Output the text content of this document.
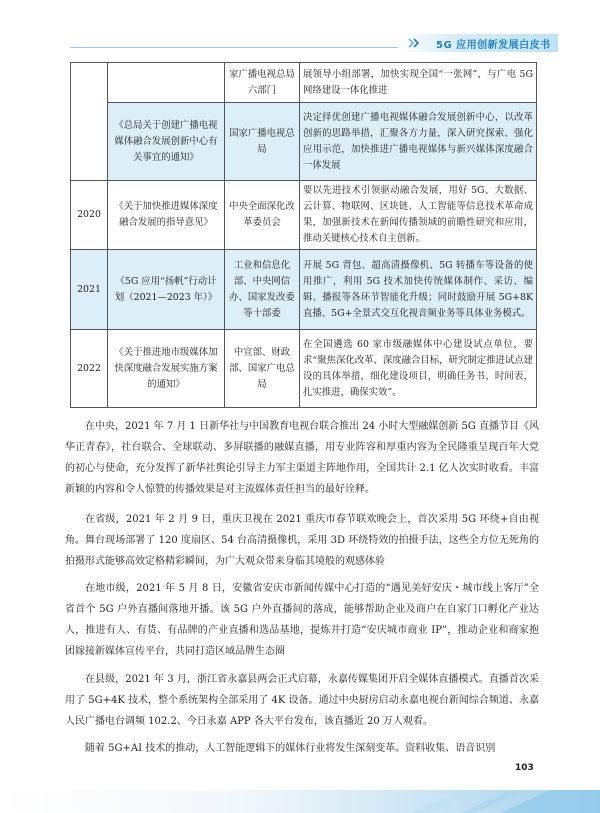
5G 应用创新发展白皮书
		家广播电视总局六部门	展领导小组部署，加快实现全国“一张网”，与广电 5G 网络建设一体化推进
	《总局关于创建广播电视媒体融合发展创新中心有关事宜的通知》	国家广播电视总局	决定择优创建广播电视媒体融合发展创新中心，以改革创新的思路举措，汇聚各方力量，深入研究探索、强化应用示范，加快推进广播电视媒体与新兴媒体深度融合一体发展
2020	《关于加快推进媒体深度融合发展的指导意见》	中央全面深化改革委员会	要以先进技术引领驱动融合发展，用好 5G、大数据、云计算、物联网、区块链、人工智能等信息技术革命成果，加强新技术在新闻传播领域的前瞻性研究和应用，推动关键核心技术自主创新。
2021	《5G 应用“扬帆”行动计划（2021—2023 年）》	工业和信息化部、中央网信办、国家发改委等十部委	开展 5G 背包、超高清摄像机、5G 转播车等设备的使用推广，利用 5G 技术加快传统媒体制作、采访、编辑、播报等各环节智能化升级；同时鼓励开展 5G+8K 直播、5G+全景式交互化视音频业务等具体业务模式。
2022	《关于推进地市级媒体加快深度融合发展实施方案的通知》	中宣部、财政部、国家广电总局	在全国遴选 60 家市级融媒体中心建设试点单位，要求“聚焦深化改革、深度融合目标，研究制定推进试点建设的具体举措，细化建设项目，明确任务书、时间表，扎实推进，确保实效”。

在中央，2021 年 7 月 1 日新华社与中国教育电视台联合推出 24 小时大型融媒创新 5G 直播节目《风华正青春》，社台联合、全球联动、多屏联播的融媒直播，用专业阵容和厚重内容为全民隆重呈现百年大党的初心与使命，充分发挥了新华社舆论引导主力军主渠道主阵地作用，全国共计 2.1 亿人次实时收看。丰富新颖的内容和令人惊赞的传播效果是对主流媒体责任担当的最好诠释。

在省级，2021 年 2 月 9 日，重庆卫视在 2021 重庆市春节联欢晚会上，首次采用 5G 环绕+自由视角。舞台现场部署了 120 度扇区、54 台高清摄像机，采用 3D 环绕特效的拍摄手法，这些全方位无死角的拍摄形式能够高效定格精彩瞬间，为广大观众带来身临其境般的观感体验

在地市级，2021 年 5 月 8 日，安徽省安庆市新闻传媒中心打造的“遇见美好安庆・城市线上客厅”全省首个 5G 户外直播间落地开播。该 5G 户外直播间的落成，能够帮助企业及商户在自家门口孵化产业达人，推进有人、有货、有品牌的产业直播和选品基地，提炼并打造“安庆城市商业 IP”，推动企业和商家抱团嫁接新媒体宣传平台，共同打造区域品牌生态圈

在县级，2021 年 3 月，浙江省永嘉县两会正式启幕，永嘉传媒集团开启全媒体直播模式。直播首次采用了 5G+4K 技术，整个系统架构全部采用了 4K 设备。通过中央厨房启动永嘉电视台新闻综合频道、永嘉人民广播电台调频 102.2、今日永嘉 APP 各大平台发布，该直播近 20 万人观看。

随着 5G+AI 技术的推动，人工智能逻辑下的媒体行业将发生深刻变革。资料收集、语音识别

103
